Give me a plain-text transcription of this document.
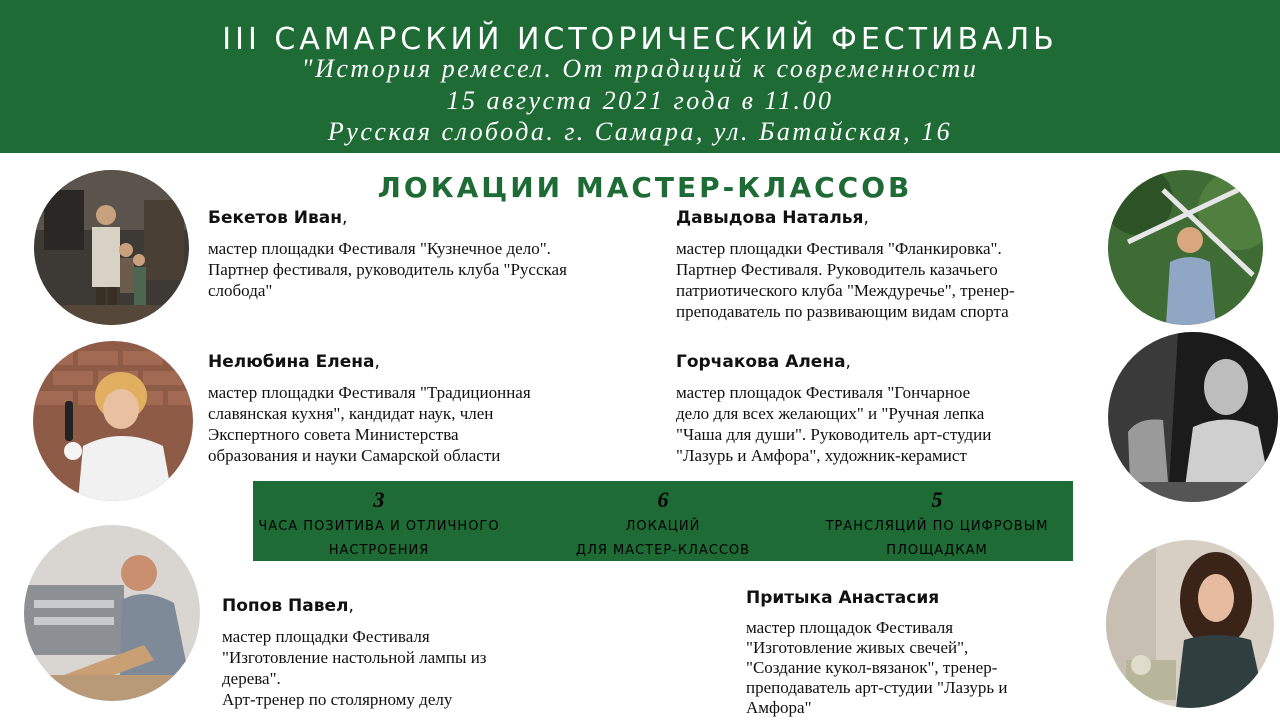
III САМАРСКИЙ ИСТОРИЧЕСКИЙ ФЕСТИВАЛЬ
"История ремесел. От традиций к современности
15 августа 2021 года в 11.00
Русская слобода. г. Самара, ул. Батайская, 16
ЛОКАЦИИ МАСТЕР-КЛАССОВ
Бекетов Иван,
мастер площадки Фестиваля "Кузнечное дело".
Партнер фестиваля, руководитель клуба "Русская
слобода"
Давыдова Наталья,
мастер площадки Фестиваля "Фланкировка".
Партнер Фестиваля. Руководитель казачьего
патриотического клуба "Междуречье", тренер-
преподаватель по развивающим видам спорта
Нелюбина Елена,
мастер площадки Фестиваля "Традиционная
славянская кухня", кандидат наук, член
Экспертного совета Министерства
образования и науки Самарской области
Горчакова Алена,
мастер площадок Фестиваля "Гончарное
дело для всех желающих" и "Ручная лепка
"Чаша для души". Руководитель арт-студии
"Лазурь и Амфора", художник-керамист
Попов Павел,
мастер площадки Фестиваля
"Изготовление настольной лампы из
дерева".
Арт-тренер по столярному делу
Притыка Анастасия
мастер площадок Фестиваля
"Изготовление живых свечей",
"Создание кукол-вязанок", тренер-
преподаватель арт-студии "Лазурь и
Амфора"
3
ЧАСА ПОЗИТИВА И ОТЛИЧНОГО
НАСТРОЕНИЯ
6
ЛОКАЦИЙ
ДЛЯ МАСТЕР-КЛАССОВ
5
ТРАНСЛЯЦИЙ ПО ЦИФРОВЫМ
ПЛОЩАДКАМ
